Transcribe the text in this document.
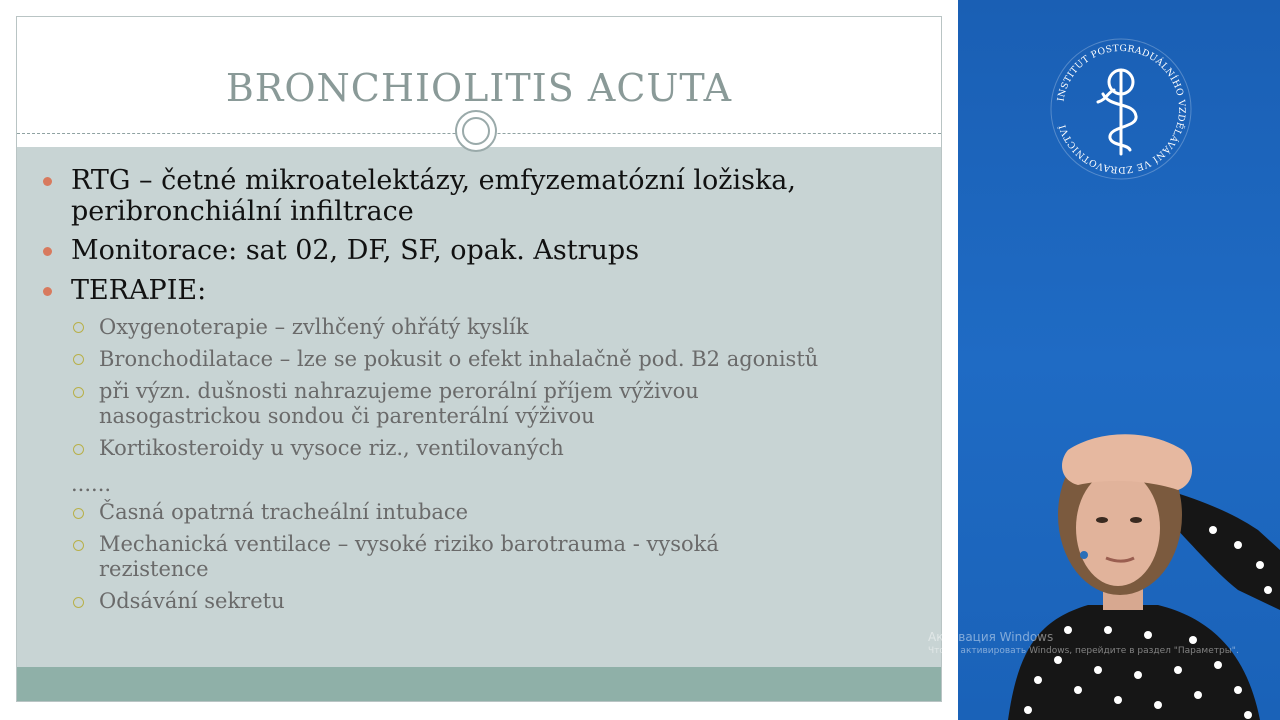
BRONCHIOLITIS ACUTA
RTG – četné mikroatelektázy, emfyzematózní ložiska,
peribronchiální infiltrace
Monitorace: sat 02, DF, SF, opak. Astrups
TERAPIE:
Oxygenoterapie – zvlhčený ohřátý kyslík
Bronchodilatace – lze se pokusit o efekt inhalačně pod. B2 agonistů
při význ. dušnosti nahrazujeme perorální příjem výživou
nasogastrickou sondou či parenterální výživou
Kortikosteroidy u vysoce riz., ventilovaných
......
Časná opatrná tracheální intubace
Mechanická ventilace – vysoké riziko barotrauma - vysoká
rezistence
Odsávání sekretu
INSTITUT POSTGRADUÁLNÍHO VZDĚLÁVÁNÍ VE ZDRAVOTNICTVÍ
Активация Windows
Чтобы активировать Windows, перейдите в раздел "Параметры".
